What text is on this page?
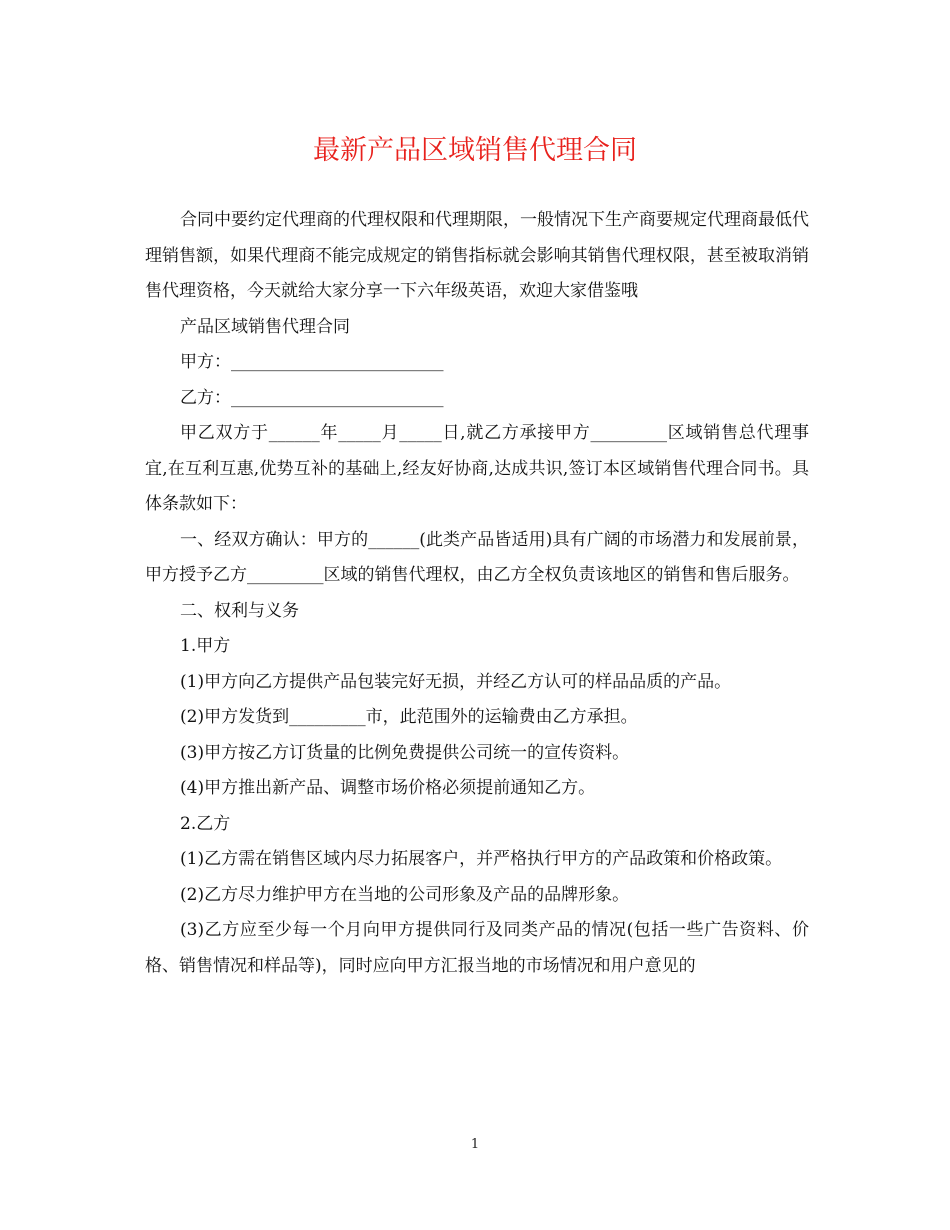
最新产品区域销售代理合同

合同中要约定代理商的代理权限和代理期限，一般情况下生产商要规定代理商最低代理销售额，如果代理商不能完成规定的销售指标就会影响其销售代理权限，甚至被取消销售代理资格，今天就给大家分享一下六年级英语，欢迎大家借鉴哦

产品区域销售代理合同

甲方：_________________________

乙方：_________________________

甲乙双方于______年_____月_____日,就乙方承接甲方_________区域销售总代理事宜,在互利互惠,优势互补的基础上,经友好协商,达成共识,签订本区域销售代理合同书。具体条款如下：

一、经双方确认：甲方的______(此类产品皆适用)具有广阔的市场潜力和发展前景，甲方授予乙方_________区域的销售代理权，由乙方全权负责该地区的销售和售后服务。

二、权利与义务

1.甲方

(1)甲方向乙方提供产品包装完好无损，并经乙方认可的样品品质的产品。

(2)甲方发货到_________市，此范围外的运输费由乙方承担。

(3)甲方按乙方订货量的比例免费提供公司统一的宣传资料。

(4)甲方推出新产品、调整市场价格必须提前通知乙方。

2.乙方

(1)乙方需在销售区域内尽力拓展客户，并严格执行甲方的产品政策和价格政策。

(2)乙方尽力维护甲方在当地的公司形象及产品的品牌形象。

(3)乙方应至少每一个月向甲方提供同行及同类产品的情况(包括一些广告资料、价格、销售情况和样品等)，同时应向甲方汇报当地的市场情况和用户意见的

1
